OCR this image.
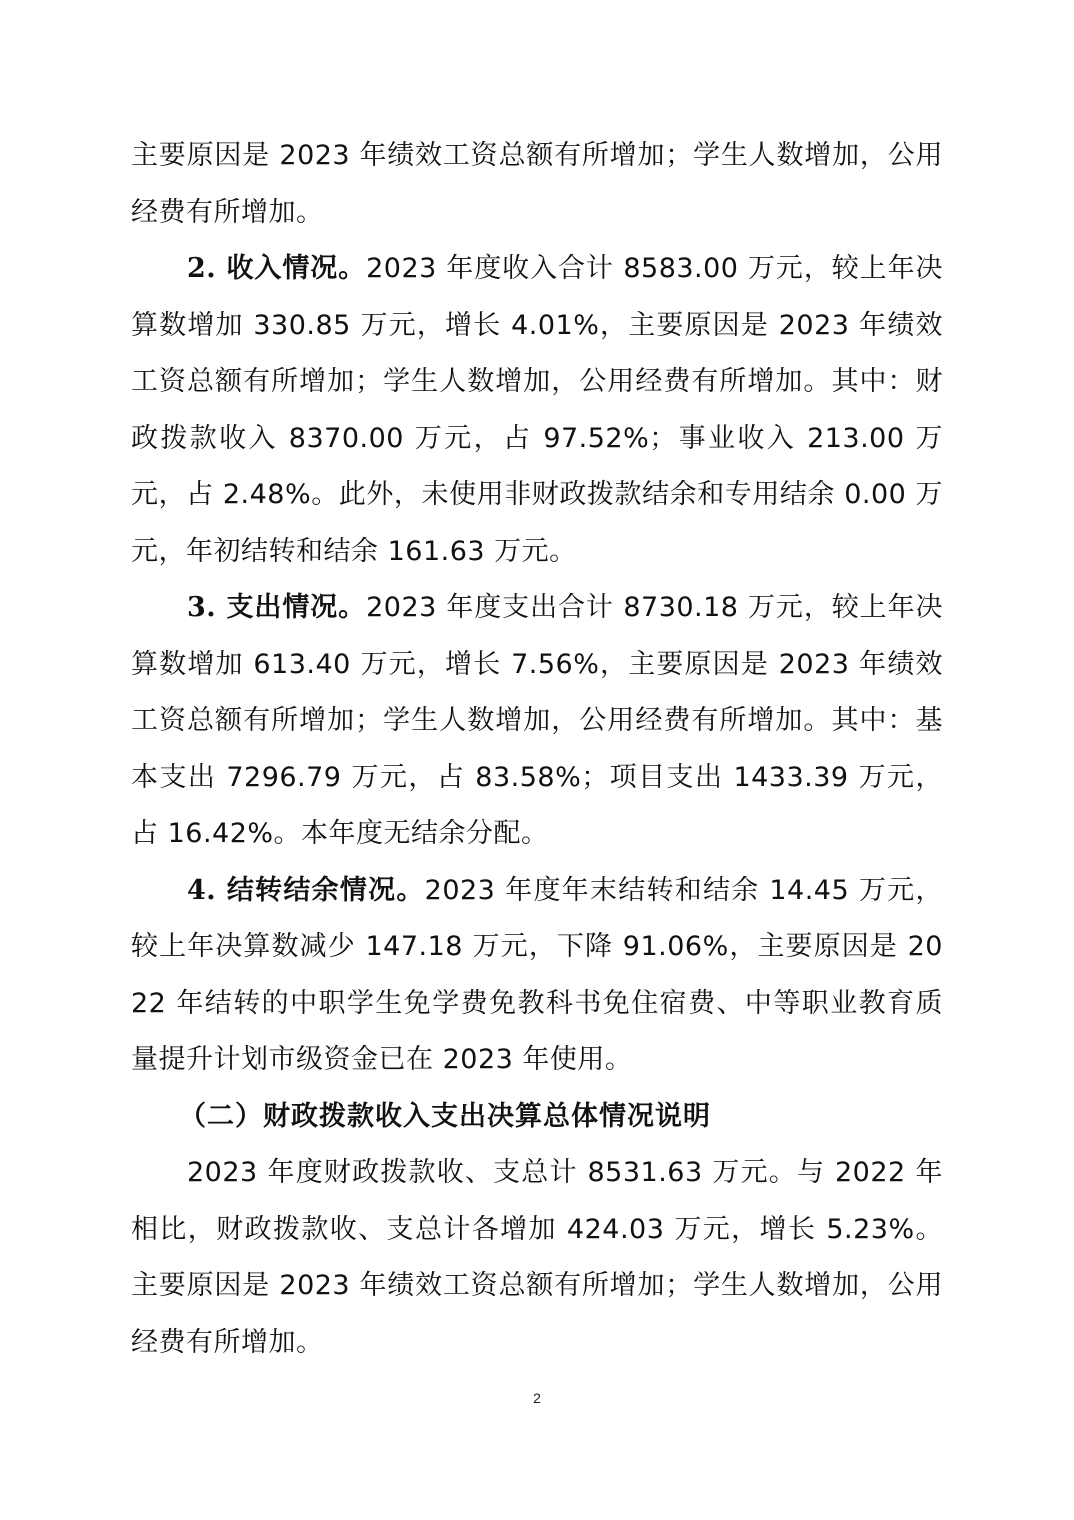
主要原因是 2023 年绩效工资总额有所增加；学生人数增加，公用经费有所增加。

2. 收入情况。2023 年度收入合计 8583.00 万元，较上年决算数增加 330.85 万元，增长 4.01%，主要原因是 2023 年绩效工资总额有所增加；学生人数增加，公用经费有所增加。其中：财政拨款收入 8370.00 万元，占 97.52%；事业收入 213.00 万元，占 2.48%。此外，未使用非财政拨款结余和专用结余 0.00 万元，年初结转和结余 161.63 万元。

3. 支出情况。2023 年度支出合计 8730.18 万元，较上年决算数增加 613.40 万元，增长 7.56%，主要原因是 2023 年绩效工资总额有所增加；学生人数增加，公用经费有所增加。其中：基本支出 7296.79 万元，占 83.58%；项目支出 1433.39 万元，占 16.42%。本年度无结余分配。

4. 结转结余情况。2023 年度年末结转和结余 14.45 万元，较上年决算数减少 147.18 万元，下降 91.06%，主要原因是 2022 年结转的中职学生免学费免教科书免住宿费、中等职业教育质量提升计划市级资金已在 2023 年使用。

（二）财政拨款收入支出决算总体情况说明

2023 年度财政拨款收、支总计 8531.63 万元。与 2022 年相比，财政拨款收、支总计各增加 424.03 万元，增长 5.23%。主要原因是 2023 年绩效工资总额有所增加；学生人数增加，公用经费有所增加。

2
